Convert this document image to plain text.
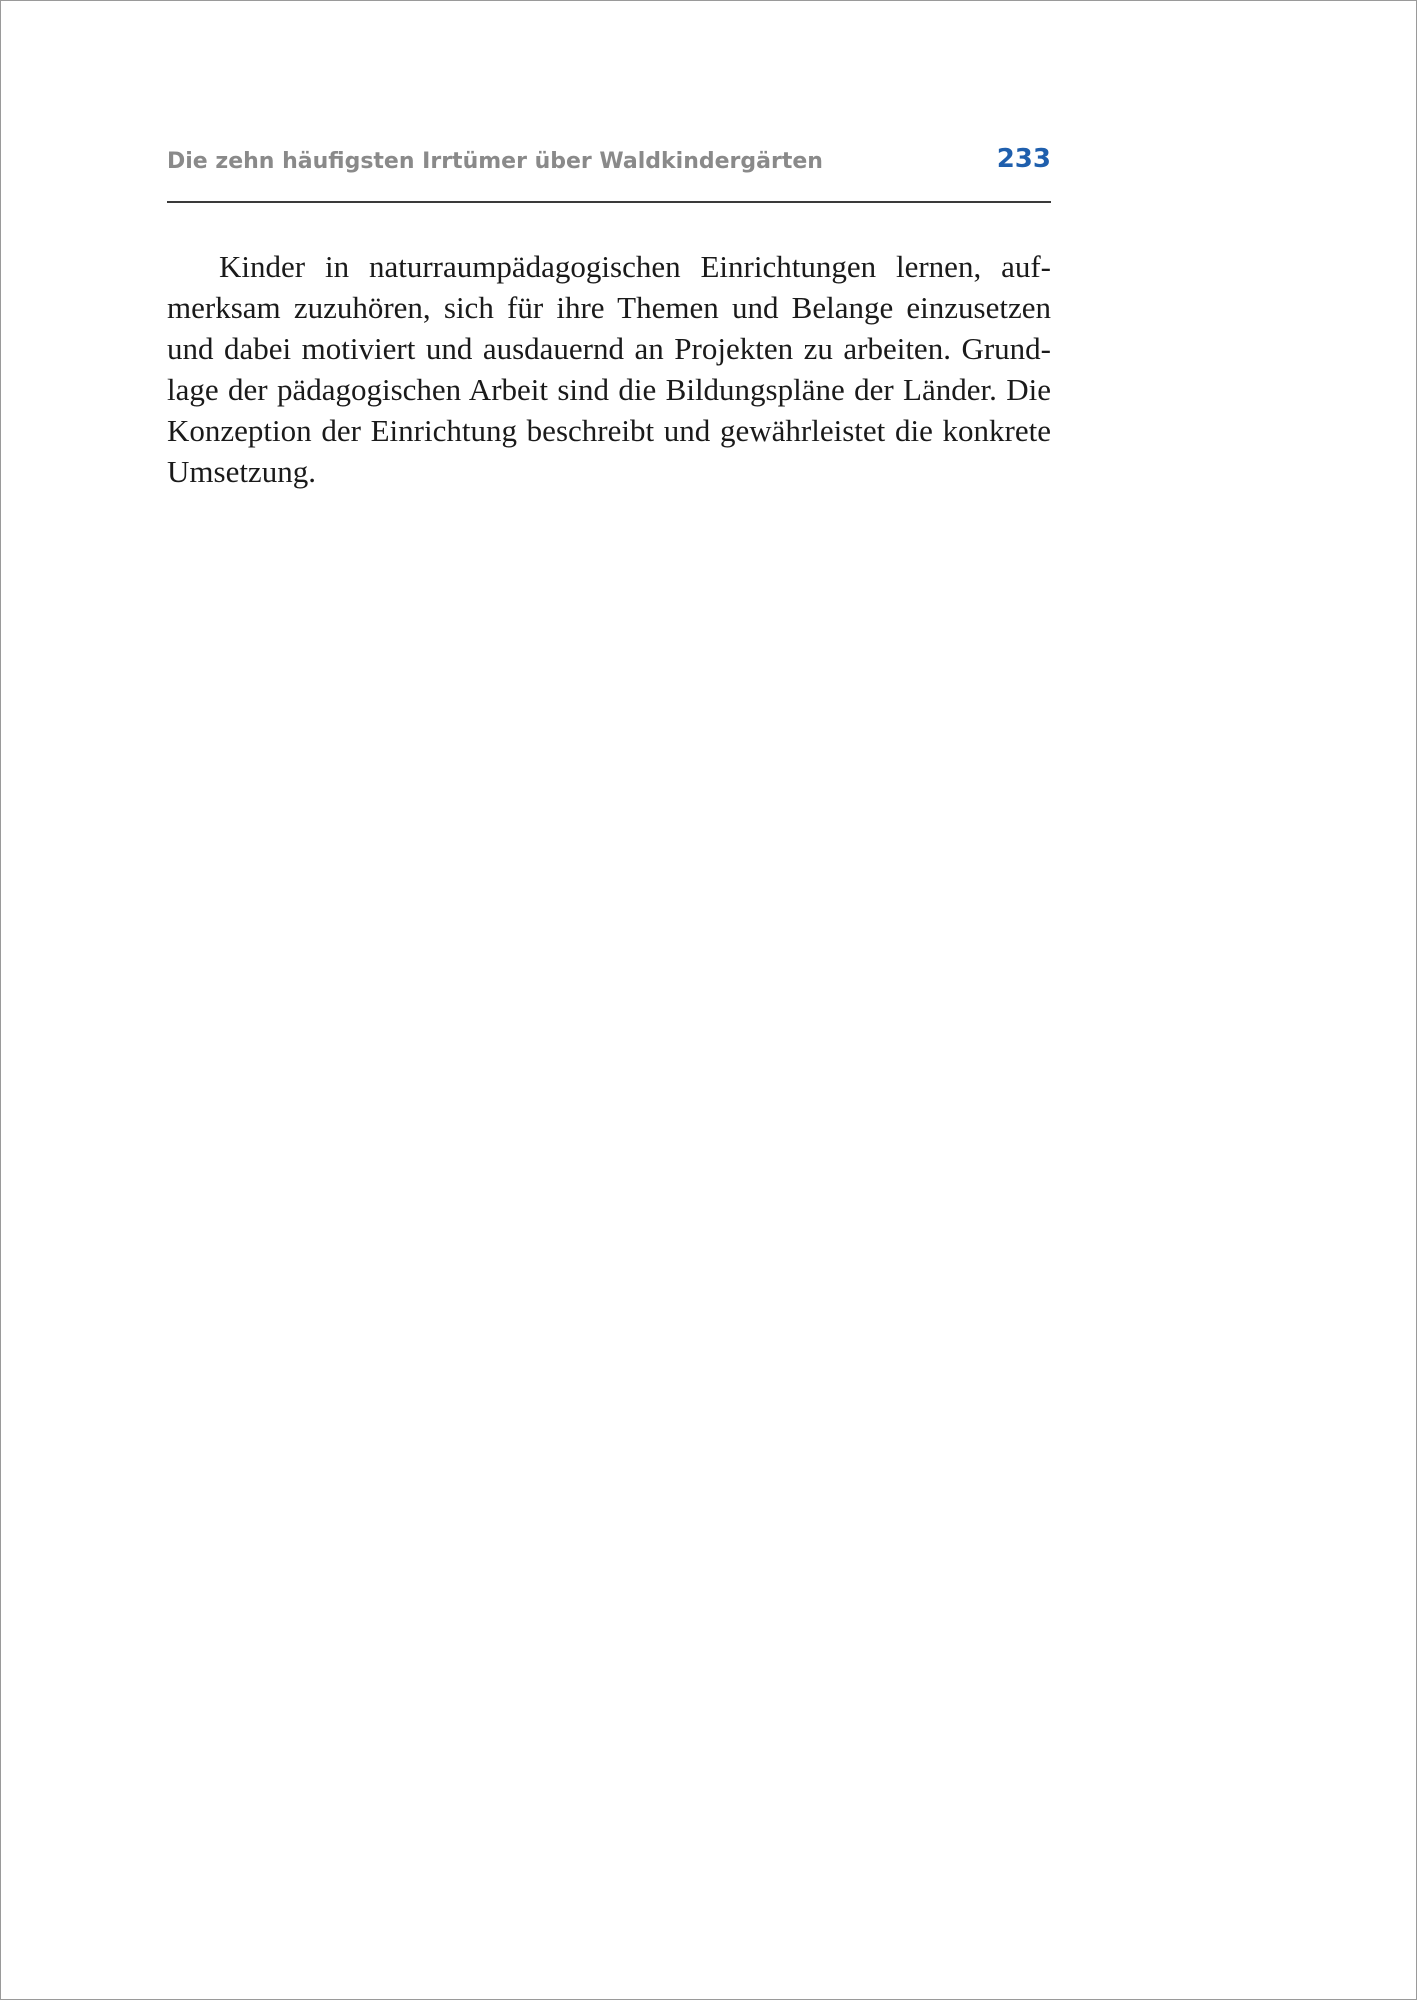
Die zehn häufigsten Irrtümer über Waldkindergärten	233
Kinder in naturraumpädagogischen Einrichtungen lernen, auf-
merksam zuzuhören, sich für ihre Themen und Belange einzusetzen
und dabei motiviert und ausdauernd an Projekten zu arbeiten. Grund-
lage der pädagogischen Arbeit sind die Bildungspläne der Länder. Die
Konzeption der Einrichtung beschreibt und gewährleistet die konkrete
Umsetzung.
